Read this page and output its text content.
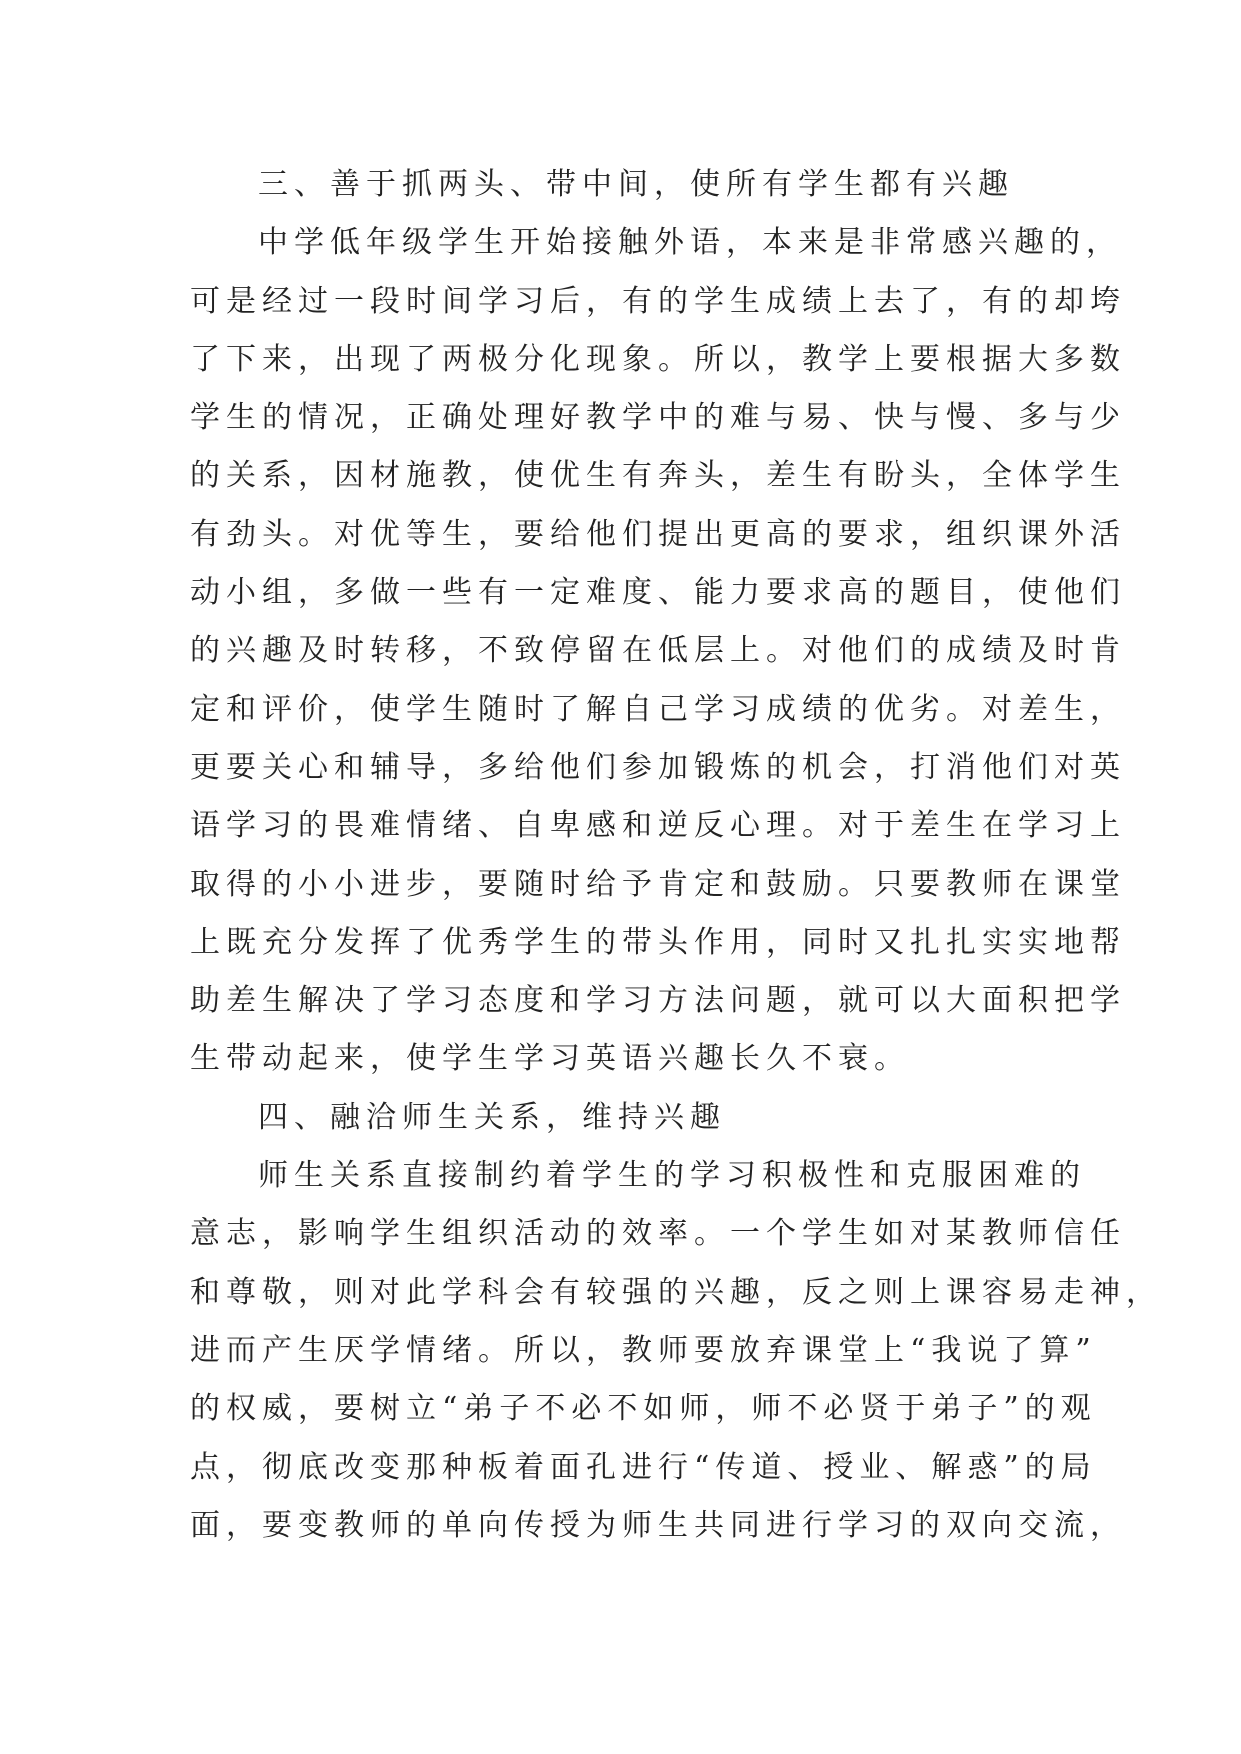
三、善于抓两头、带中间，使所有学生都有兴趣
中学低年级学生开始接触外语，本来是非常感兴趣的，
可是经过一段时间学习后，有的学生成绩上去了，有的却垮
了下来，出现了两极分化现象。所以，教学上要根据大多数
学生的情况，正确处理好教学中的难与易、快与慢、多与少
的关系，因材施教，使优生有奔头，差生有盼头，全体学生
有劲头。对优等生，要给他们提出更高的要求，组织课外活
动小组，多做一些有一定难度、能力要求高的题目，使他们
的兴趣及时转移，不致停留在低层上。对他们的成绩及时肯
定和评价，使学生随时了解自己学习成绩的优劣。对差生，
更要关心和辅导，多给他们参加锻炼的机会，打消他们对英
语学习的畏难情绪、自卑感和逆反心理。对于差生在学习上
取得的小小进步，要随时给予肯定和鼓励。只要教师在课堂
上既充分发挥了优秀学生的带头作用，同时又扎扎实实地帮
助差生解决了学习态度和学习方法问题，就可以大面积把学
生带动起来，使学生学习英语兴趣长久不衰。
四、融洽师生关系，维持兴趣
师生关系直接制约着学生的学习积极性和克服困难的
意志，影响学生组织活动的效率。一个学生如对某教师信任
和尊敬，则对此学科会有较强的兴趣，反之则上课容易走神，
进而产生厌学情绪。所以，教师要放弃课堂上“我说了算”
的权威，要树立“弟子不必不如师，师不必贤于弟子”的观
点，彻底改变那种板着面孔进行“传道、授业、解惑”的局
面，要变教师的单向传授为师生共同进行学习的双向交流，
